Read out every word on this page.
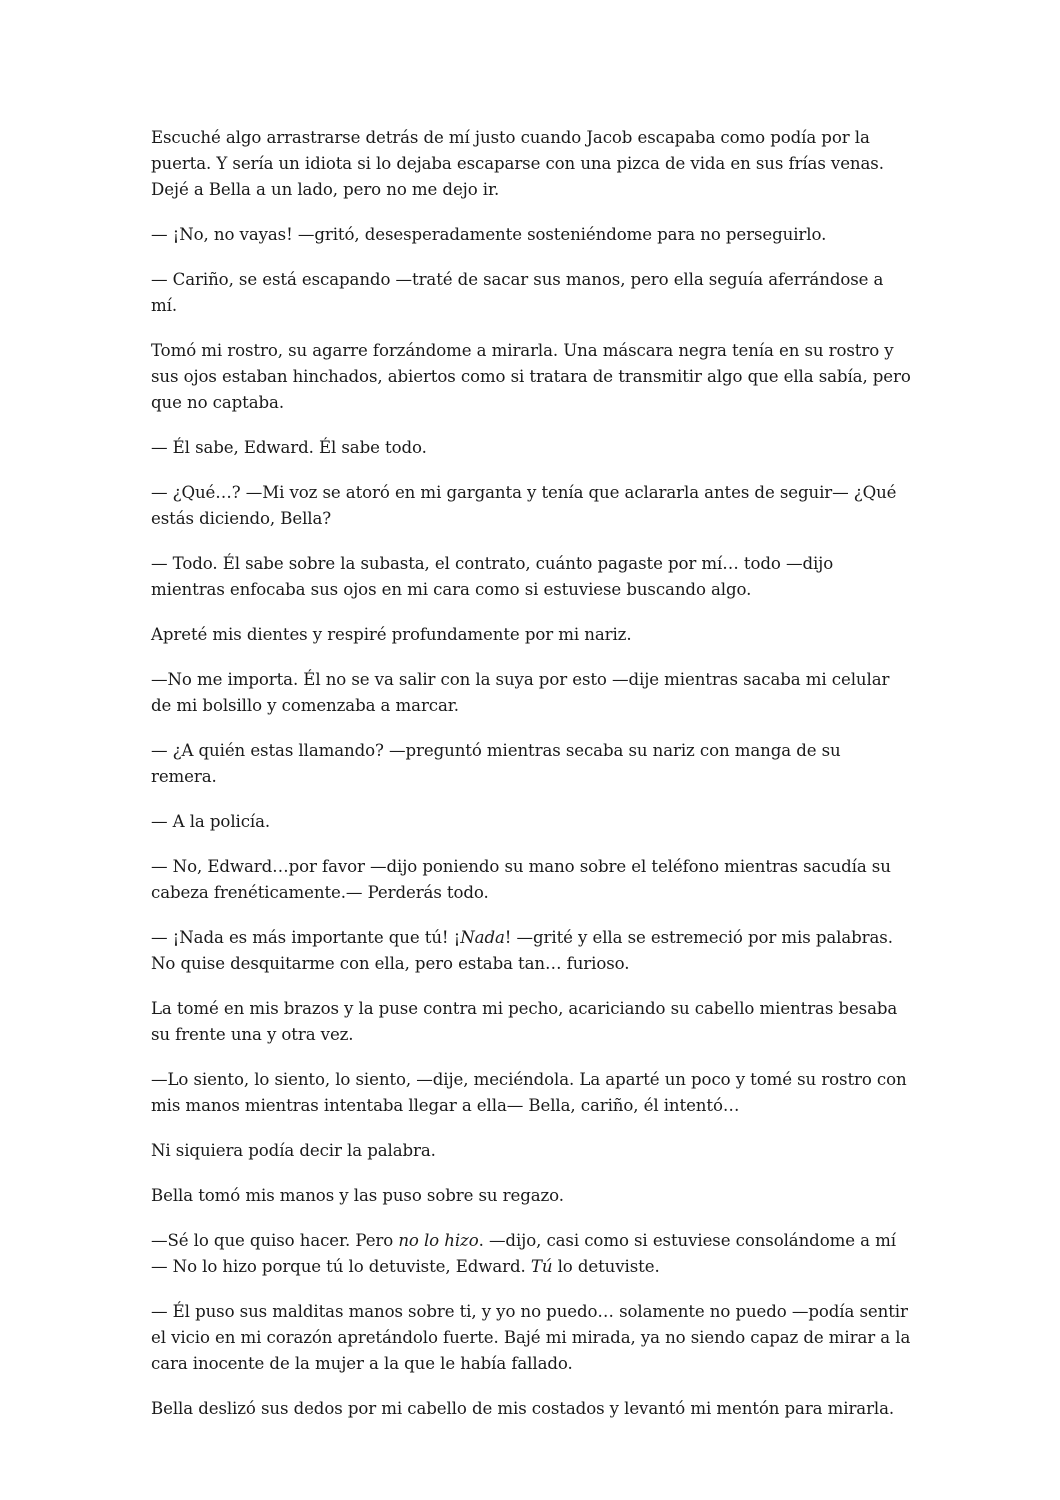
Escuché algo arrastrarse detrás de mí justo cuando Jacob escapaba como podía por la puerta. Y sería un idiota si lo dejaba escaparse con una pizca de vida en sus frías venas. Dejé a Bella a un lado, pero no me dejo ir.

— ¡No, no vayas! —gritó, desesperadamente sosteniéndome para no perseguirlo.

— Cariño, se está escapando —traté de sacar sus manos, pero ella seguía aferrándose a mí.

Tomó mi rostro, su agarre forzándome a mirarla. Una máscara negra tenía en su rostro y sus ojos estaban hinchados, abiertos como si tratara de transmitir algo que ella sabía, pero que no captaba.

— Él sabe, Edward. Él sabe todo.

— ¿Qué…? —Mi voz se atoró en mi garganta y tenía que aclararla antes de seguir— ¿Qué estás diciendo, Bella?

— Todo. Él sabe sobre la subasta, el contrato, cuánto pagaste por mí… todo —dijo mientras enfocaba sus ojos en mi cara como si estuviese buscando algo.

Apreté mis dientes y respiré profundamente por mi nariz.

—No me importa. Él no se va salir con la suya por esto —dije mientras sacaba mi celular de mi bolsillo y comenzaba a marcar.

— ¿A quién estas llamando? —preguntó mientras secaba su nariz con manga de su remera.

— A la policía.

— No, Edward…por favor —dijo poniendo su mano sobre el teléfono mientras sacudía su cabeza frenéticamente.— Perderás todo.

— ¡Nada es más importante que tú! ¡Nada! —grité y ella se estremeció por mis palabras. No quise desquitarme con ella, pero estaba tan… furioso.

La tomé en mis brazos y la puse contra mi pecho, acariciando su cabello mientras besaba su frente una y otra vez.

—Lo siento, lo siento, lo siento, —dije, meciéndola. La aparté un poco y tomé su rostro con mis manos mientras intentaba llegar a ella— Bella, cariño, él intentó…

Ni siquiera podía decir la palabra.

Bella tomó mis manos y las puso sobre su regazo.

—Sé lo que quiso hacer. Pero no lo hizo. —dijo, casi como si estuviese consolándome a mí— No lo hizo porque tú lo detuviste, Edward. Tú lo detuviste.

— Él puso sus malditas manos sobre ti, y yo no puedo… solamente no puedo —podía sentir el vicio en mi corazón apretándolo fuerte. Bajé mi mirada, ya no siendo capaz de mirar a la cara inocente de la mujer a la que le había fallado.

Bella deslizó sus dedos por mi cabello de mis costados y levantó mi mentón para mirarla.
